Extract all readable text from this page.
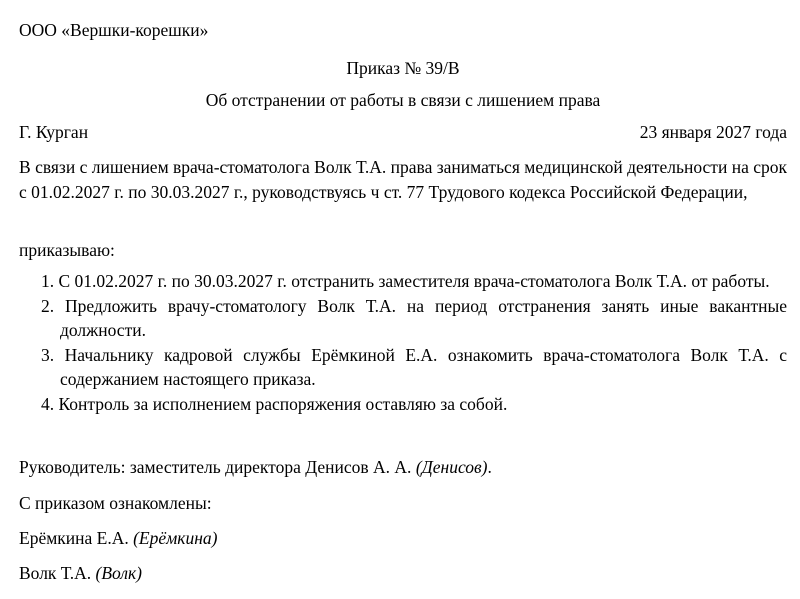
ООО «Вершки-корешки»
Приказ № 39/В
Об отстранении от работы в связи с лишением права
Г. Курган	23 января 2027 года
В связи с лишением врача-стоматолога Волк Т.А. права заниматься медицинской деятельности на срок с 01.02.2027 г. по 30.03.2027 г., руководствуясь ч ст. 77 Трудового кодекса Российской Федерации,
приказываю:
1. С 01.02.2027 г. по 30.03.2027 г. отстранить заместителя врача-стоматолога Волк Т.А. от работы.
2. Предложить врачу-стоматологу Волк Т.А. на период отстранения занять иные вакантные должности.
3. Начальнику кадровой службы Ерёмкиной Е.А. ознакомить врача-стоматолога Волк Т.А. с содержанием настоящего приказа.
4. Контроль за исполнением распоряжения оставляю за собой.
Руководитель: заместитель директора Денисов А. А. (Денисов).
С приказом ознакомлены:
Ерёмкина Е.А. (Ерёмкина)
Волк Т.А. (Волк)
